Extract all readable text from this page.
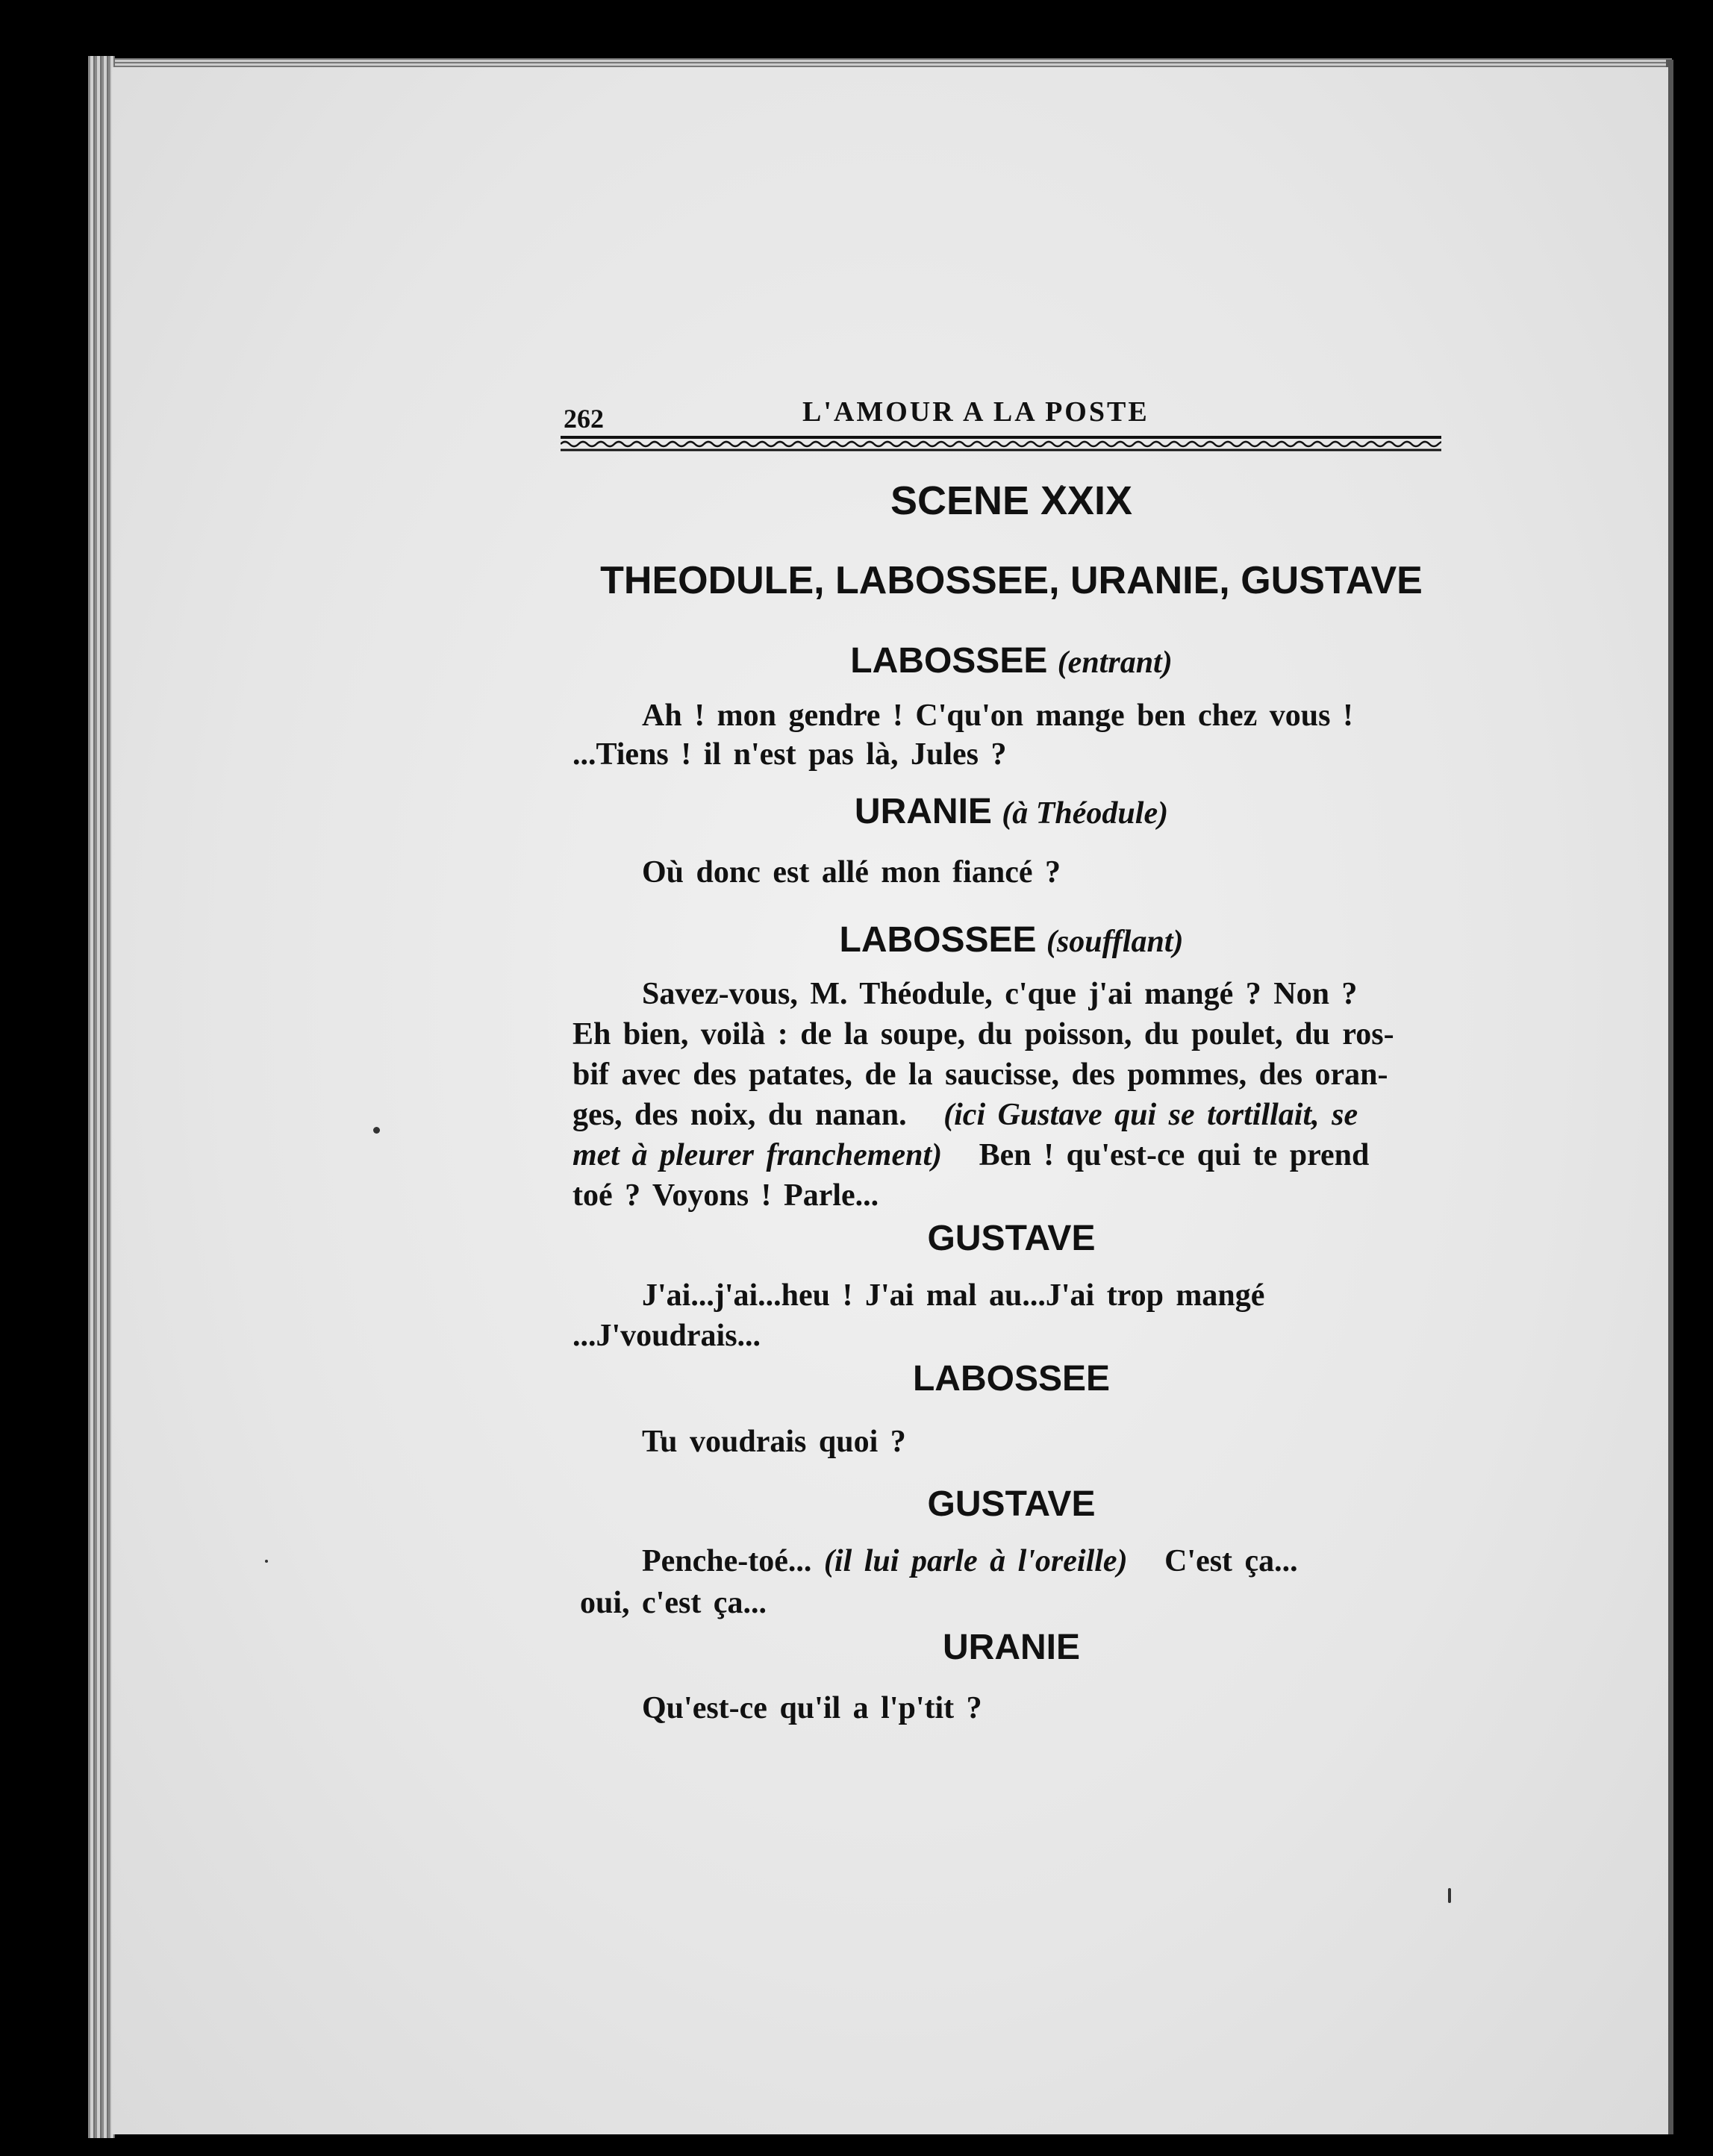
262	L'AMOUR A LA POSTE
SCENE XXIX
THEODULE, LABOSSEE, URANIE, GUSTAVE
LABOSSEE (entrant)
Ah ! mon gendre ! C'qu'on mange ben chez vous !
...Tiens ! il n'est pas là, Jules ?
URANIE (à Théodule)
Où donc est allé mon fiancé ?
LABOSSEE (soufflant)
Savez-vous, M. Théodule, c'que j'ai mangé ? Non ?
Eh bien, voilà : de la soupe, du poisson, du poulet, du ros-
bif avec des patates, de la saucisse, des pommes, des oran-
ges, des noix, du nanan. (ici Gustave qui se tortillait, se
met à pleurer franchement) Ben ! qu'est-ce qui te prend
toé ? Voyons ! Parle...
GUSTAVE
J'ai...j'ai...heu ! J'ai mal au...J'ai trop mangé
...J'voudrais...
LABOSSEE
Tu voudrais quoi ?
GUSTAVE
Penche-toé... (il lui parle à l'oreille) C'est ça...
oui, c'est ça...
URANIE
Qu'est-ce qu'il a l'p'tit ?
